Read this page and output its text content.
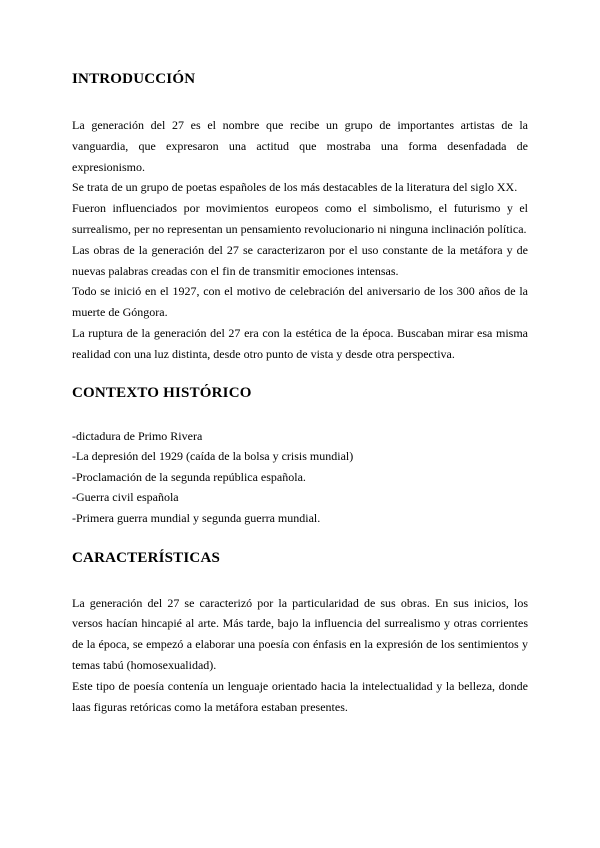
INTRODUCCIÓN

La generación del 27 es el nombre que recibe un grupo de importantes artistas de la vanguardia, que expresaron una actitud que mostraba una forma desenfadada de expresionismo.

Se trata de un grupo de poetas españoles de los más destacables de la literatura del siglo XX.

Fueron influenciados por movimientos europeos como el simbolismo, el futurismo y el surrealismo, per no representan un pensamiento revolucionario ni ninguna inclinación política.

Las obras de la generación del 27 se caracterizaron por el uso constante de la metáfora y de nuevas palabras creadas con el fin de transmitir emociones intensas.

Todo se inició en el 1927, con el motivo de celebración del aniversario de los 300 años de la muerte de Góngora.

La ruptura de la generación del 27 era con la estética de la época. Buscaban mirar esa misma realidad con una luz distinta, desde otro punto de vista y desde otra perspectiva.

CONTEXTO HISTÓRICO
-dictadura de Primo Rivera
-La depresión del 1929 (caída de la bolsa y crisis mundial)
-Proclamación de la segunda república española.
-Guerra civil española
-Primera guerra mundial y segunda guerra mundial.
CARACTERÍSTICAS

La generación del 27 se caracterizó por la particularidad de sus obras. En sus inicios, los versos hacían hincapié al arte. Más tarde, bajo la influencia del surrealismo y otras corrientes de la época, se empezó a elaborar una poesía con énfasis en la expresión de los sentimientos y temas tabú (homosexualidad).

Este tipo de poesía contenía un lenguaje orientado hacia la intelectualidad y la belleza, donde laas figuras retóricas como la metáfora estaban presentes.
